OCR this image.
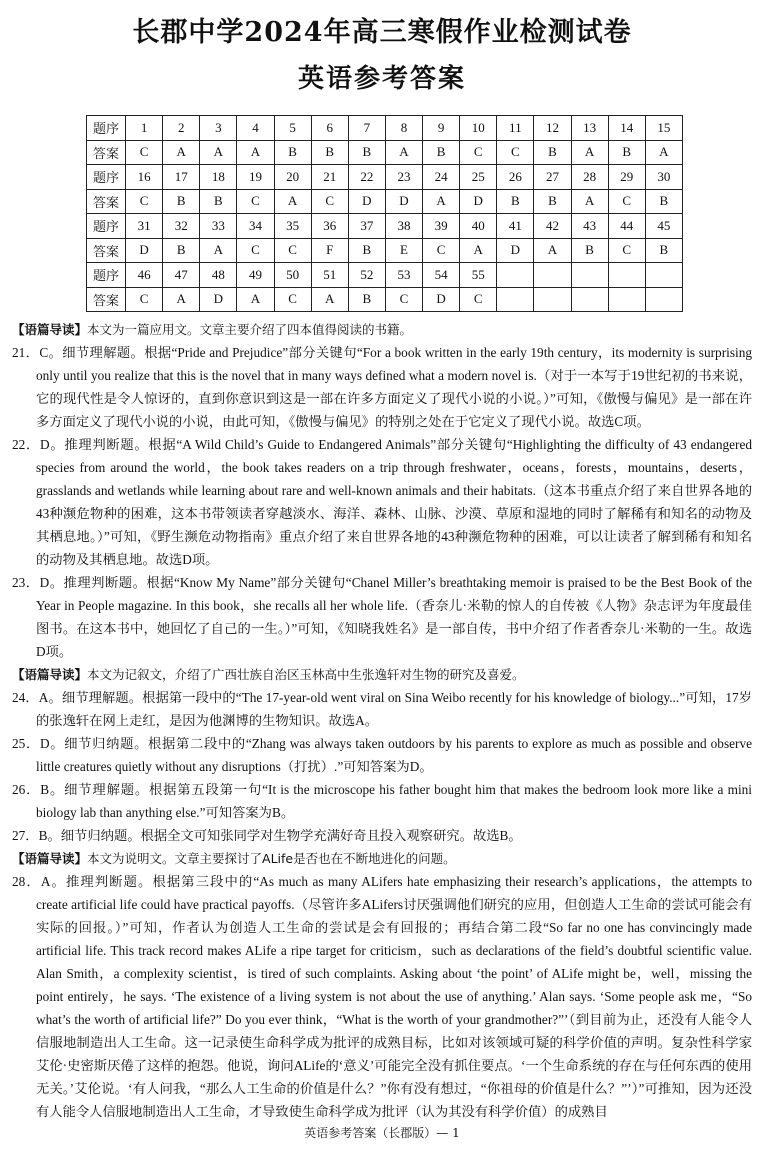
长郡中学2024年高三寒假作业检测试卷
英语参考答案
题序	1	2	3	4	5	6	7	8	9	10	11	12	13	14	15
答案	C	A	A	A	B	B	B	A	B	C	C	B	A	B	A
题序	16	17	18	19	20	21	22	23	24	25	26	27	28	29	30
答案	C	B	B	C	A	C	D	D	A	D	B	B	A	C	B
题序	31	32	33	34	35	36	37	38	39	40	41	42	43	44	45
答案	D	B	A	C	C	F	B	E	C	A	D	A	B	C	B
题序	46	47	48	49	50	51	52	53	54	55					
答案	C	A	D	A	C	A	B	C	D	C					

【语篇导读】本文为一篇应用文。文章主要介绍了四本值得阅读的书籍。

21．C。细节理解题。根据“Pride and Prejudice”部分关键句“For a book written in the early 19th century，its modernity is surprising only until you realize that this is the novel that in many ways defined what a modern novel is.（对于一本写于19世纪初的书来说，它的现代性是令人惊讶的，直到你意识到这是一部在许多方面定义了现代小说的小说。）”可知，《傲慢与偏见》是一部在许多方面定义了现代小说的小说，由此可知，《傲慢与偏见》的特别之处在于它定义了现代小说。故选C项。

22．D。推理判断题。根据“A Wild Child’s Guide to Endangered Animals”部分关键句“Highlighting the difficulty of 43 endangered species from around the world，the book takes readers on a trip through freshwater，oceans，forests，mountains，deserts，grasslands and wetlands while learning about rare and well-known animals and their habitats.（这本书重点介绍了来自世界各地的43种濒危物种的困难，这本书带领读者穿越淡水、海洋、森林、山脉、沙漠、草原和湿地的同时了解稀有和知名的动物及其栖息地。）”可知，《野生濒危动物指南》重点介绍了来自世界各地的43种濒危物种的困难，可以让读者了解到稀有和知名的动物及其栖息地。故选D项。

23．D。推理判断题。根据“Know My Name”部分关键句“Chanel Miller’s breathtaking memoir is praised to be the Best Book of the Year in People magazine. In this book，she recalls all her whole life.（香奈儿·米勒的惊人的自传被《人物》杂志评为年度最佳图书。在这本书中，她回忆了自己的一生。）”可知，《知晓我姓名》是一部自传，书中介绍了作者香奈儿·米勒的一生。故选D项。

【语篇导读】本文为记叙文，介绍了广西壮族自治区玉林高中生张逸轩对生物的研究及喜爱。

24．A。细节理解题。根据第一段中的“The 17-year-old went viral on Sina Weibo recently for his knowledge of biology...”可知，17岁的张逸轩在网上走红，是因为他渊博的生物知识。故选A。

25．D。细节归纳题。根据第二段中的“Zhang was always taken outdoors by his parents to explore as much as possible and observe little creatures quietly without any disruptions（打扰）.”可知答案为D。

26．B。细节理解题。根据第五段第一句“It is the microscope his father bought him that makes the bedroom look more like a mini biology lab than anything else.”可知答案为B。

27．B。细节归纳题。根据全文可知张同学对生物学充满好奇且投入观察研究。故选B。

【语篇导读】本文为说明文。文章主要探讨了ALife是否也在不断地进化的问题。

28．A。推理判断题。根据第三段中的“As much as many ALifers hate emphasizing their research’s applications，the attempts to create artificial life could have practical payoffs.（尽管许多ALifers讨厌强调他们研究的应用，但创造人工生命的尝试可能会有实际的回报。）”可知，作者认为创造人工生命的尝试是会有回报的；再结合第二段“So far no one has convincingly made artificial life. This track record makes ALife a ripe target for criticism，such as declarations of the field’s doubtful scientific value. Alan Smith，a complexity scientist，is tired of such complaints. Asking about ‘the point’ of ALife might be，well，missing the point entirely，he says. ‘The existence of a living system is not about the use of anything.’ Alan says. ‘Some people ask me，“So what’s the worth of artificial life?” Do you ever think，“What is the worth of your grandmother?”’（到目前为止，还没有人能令人信服地制造出人工生命。这一记录使生命科学成为批评的成熟目标，比如对该领域可疑的科学价值的声明。复杂性科学家艾伦·史密斯厌倦了这样的抱怨。他说，询问ALife的‘意义’可能完全没有抓住要点。‘一个生命系统的存在与任何东西的使用无关。’艾伦说。‘有人问我，“那么人工生命的价值是什么？”你有没有想过，“你祖母的价值是什么？”’）”可推知，因为还没有人能令人信服地制造出人工生命，才导致使生命科学成为批评（认为其没有科学价值）的成熟目

英语参考答案（长郡版）— 1
